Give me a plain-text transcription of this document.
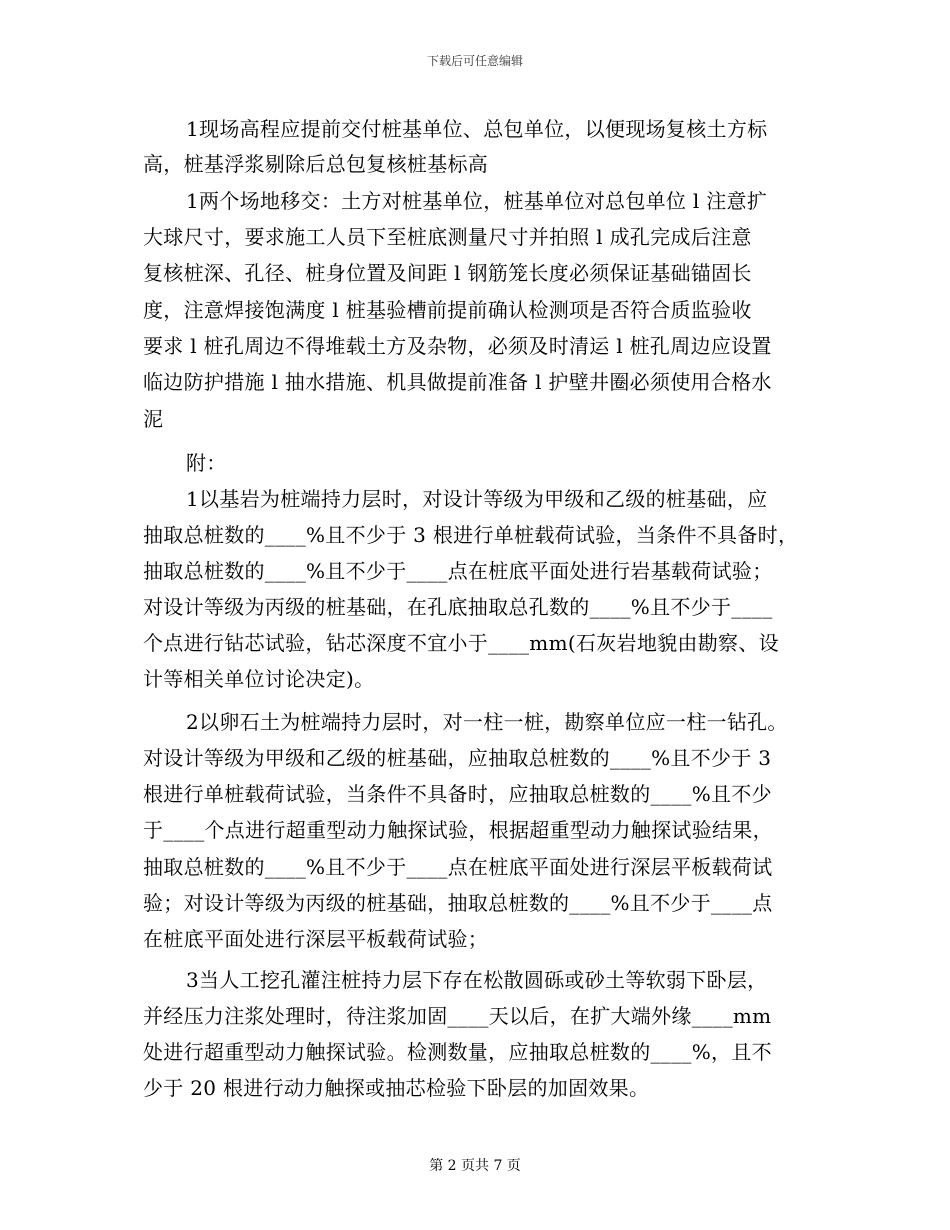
下载后可任意编辑
1现场高程应提前交付桩基单位、总包单位，以便现场复核土方标
高，桩基浮浆剔除后总包复核桩基标高
1两个场地移交：土方对桩基单位，桩基单位对总包单位 l 注意扩
大球尺寸，要求施工人员下至桩底测量尺寸并拍照 l 成孔完成后注意
复核桩深、孔径、桩身位置及间距 l 钢筋笼长度必须保证基础锚固长
度，注意焊接饱满度 l 桩基验槽前提前确认检测项是否符合质监验收
要求 l 桩孔周边不得堆载土方及杂物，必须及时清运 l 桩孔周边应设置
临边防护措施 l 抽水措施、机具做提前准备 l 护壁井圈必须使用合格水
泥
附：
1以基岩为桩端持力层时，对设计等级为甲级和乙级的桩基础，应
抽取总桩数的____%且不少于 3 根进行单桩载荷试验，当条件不具备时，
抽取总桩数的____%且不少于____点在桩底平面处进行岩基载荷试验；
对设计等级为丙级的桩基础，在孔底抽取总孔数的____%且不少于____
个点进行钻芯试验，钻芯深度不宜小于____mm(石灰岩地貌由勘察、设
计等相关单位讨论决定)。
2以卵石土为桩端持力层时，对一柱一桩，勘察单位应一柱一钻孔。
对设计等级为甲级和乙级的桩基础，应抽取总桩数的____%且不少于 3
根进行单桩载荷试验，当条件不具备时，应抽取总桩数的____%且不少
于____个点进行超重型动力触探试验，根据超重型动力触探试验结果，
抽取总桩数的____%且不少于____点在桩底平面处进行深层平板载荷试
验；对设计等级为丙级的桩基础，抽取总桩数的____%且不少于____点
在桩底平面处进行深层平板载荷试验；
3当人工挖孔灌注桩持力层下存在松散圆砾或砂土等软弱下卧层，
并经压力注浆处理时，待注浆加固____天以后，在扩大端外缘____mm
处进行超重型动力触探试验。检测数量，应抽取总桩数的____%，且不
少于 20 根进行动力触探或抽芯检验下卧层的加固效果。
第 2 页共 7 页
